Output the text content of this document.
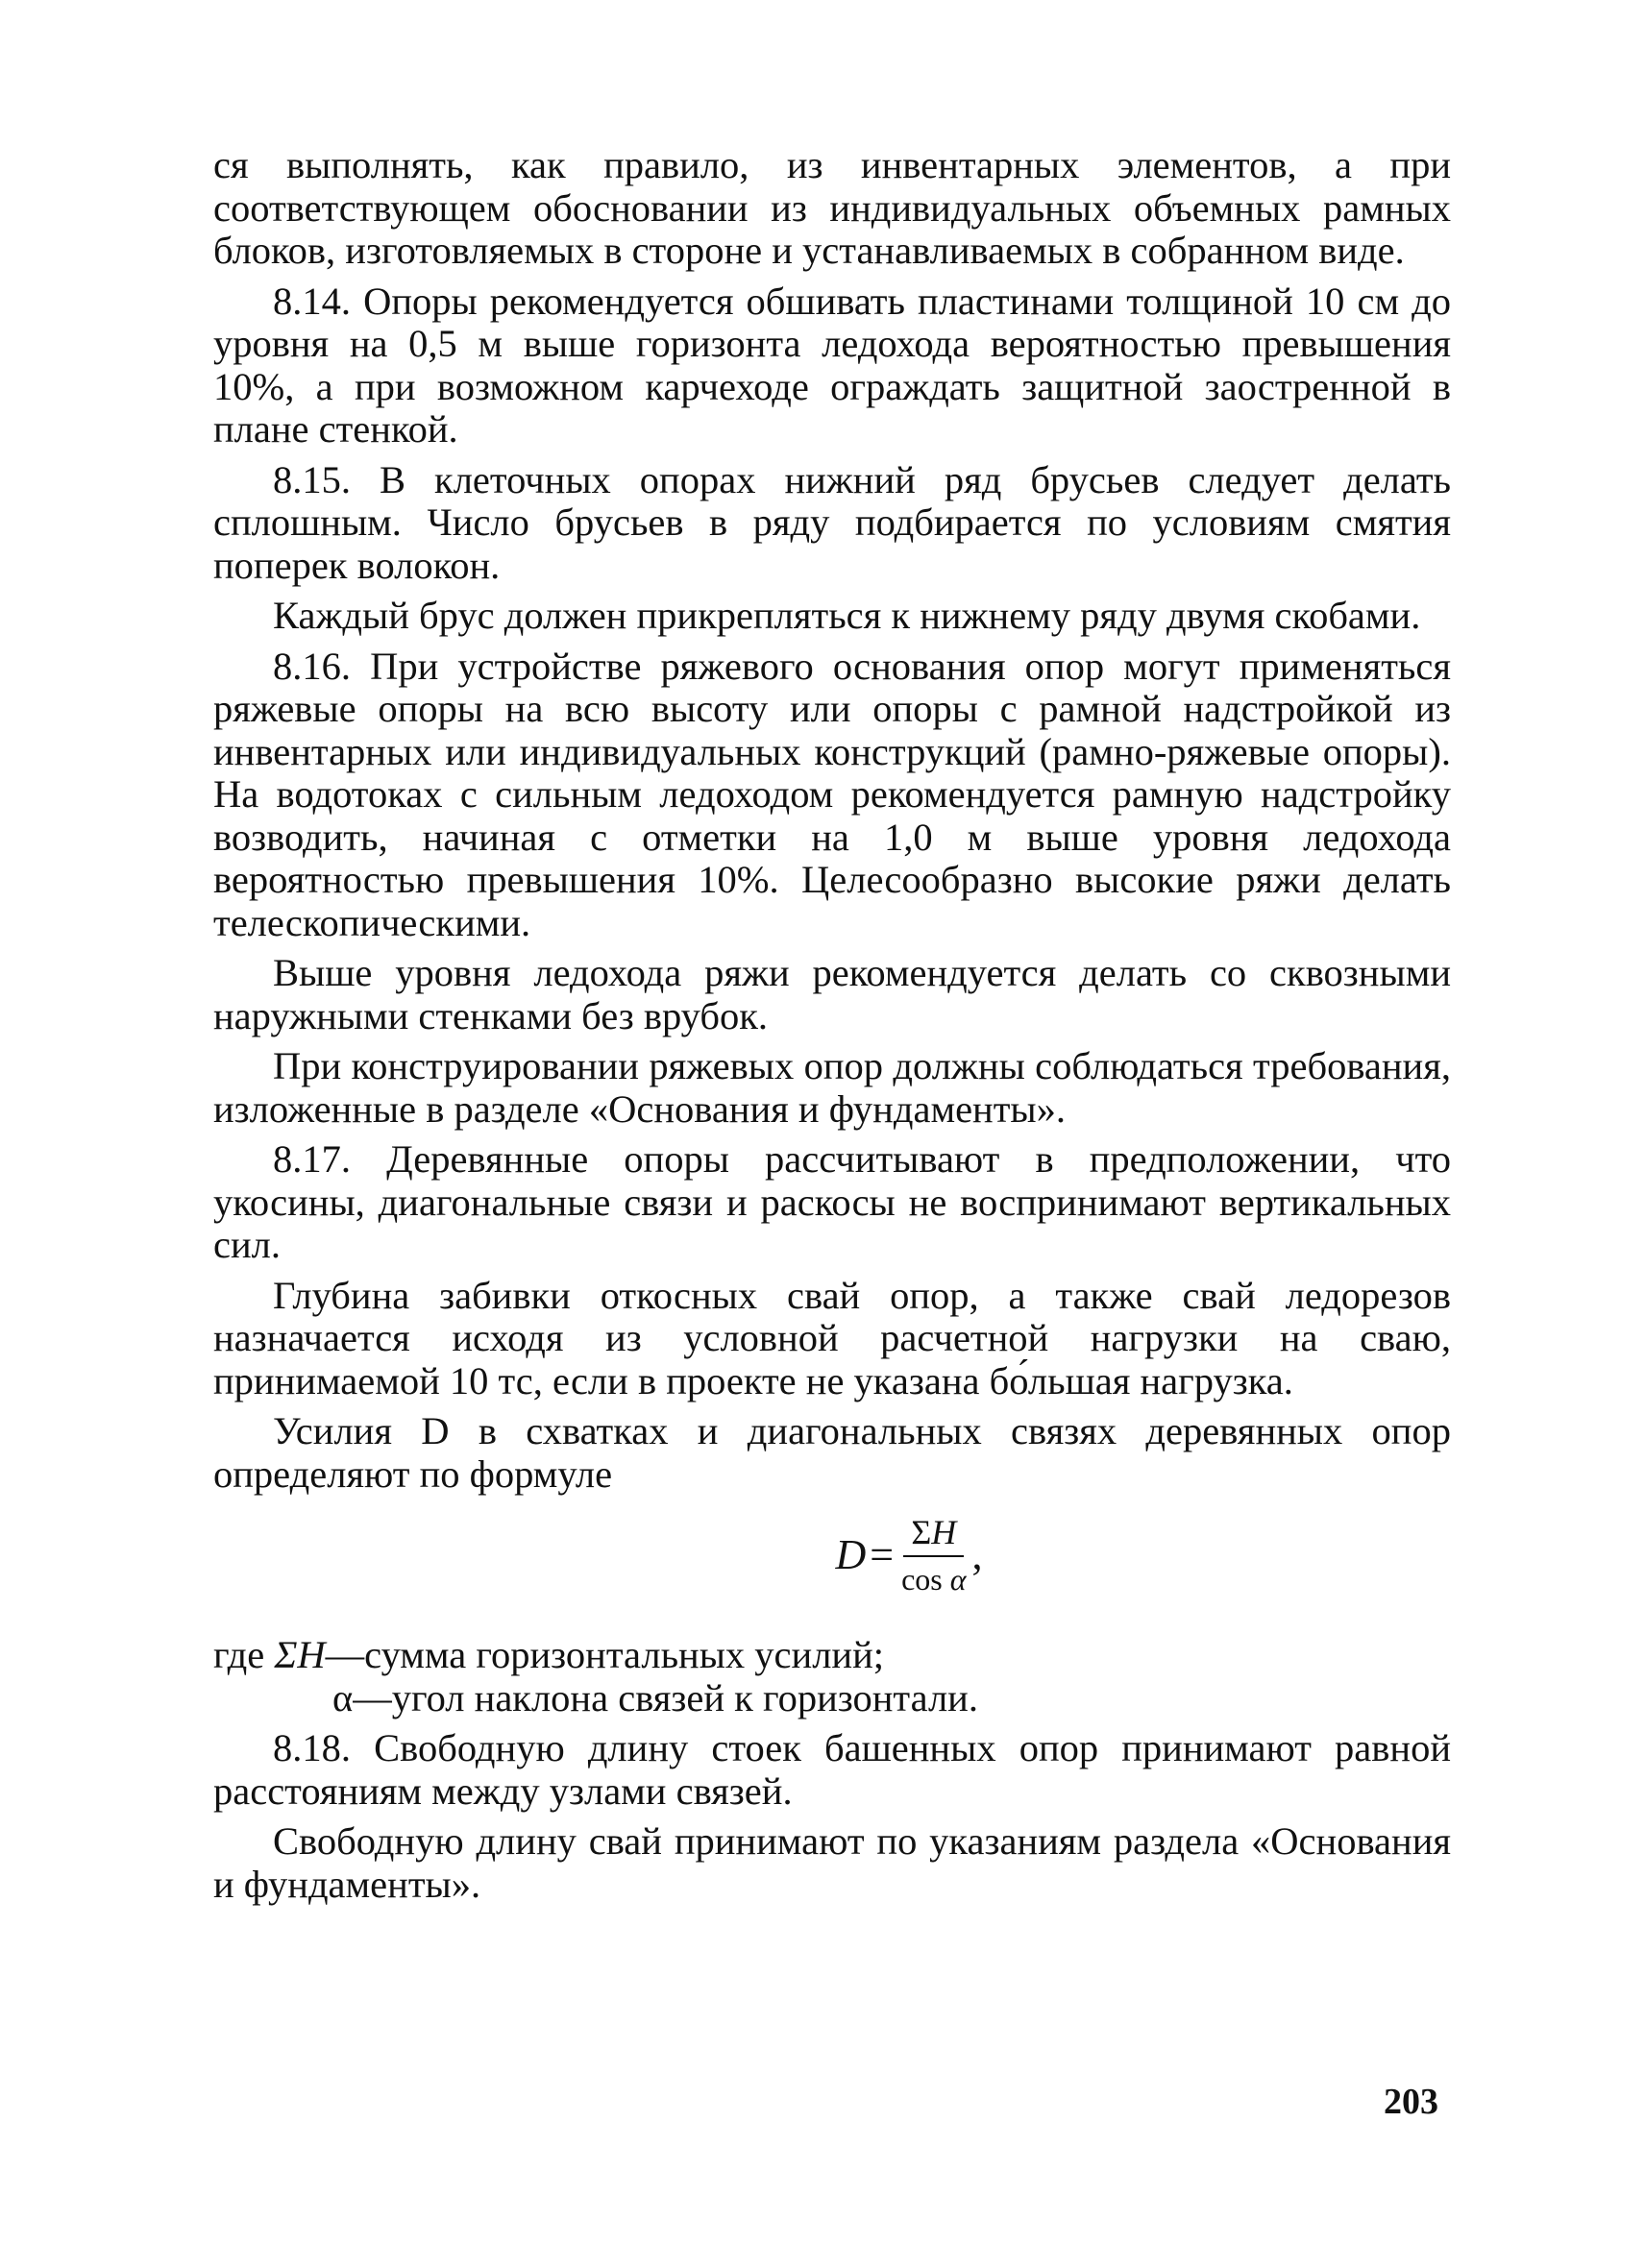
ся выполнять, как правило, из инвентарных элементов, а при соответствующем обосновании из индивидуальных объемных рамных блоков, изготовляемых в стороне и устанавливаемых в собранном виде.

8.14. Опоры рекомендуется обшивать пластинами толщиной 10 см до уровня на 0,5 м выше горизонта ледохода вероятностью превышения 10%, а при возможном карчеходе ограждать защитной заостренной в плане стенкой.

8.15. В клеточных опорах нижний ряд брусьев следует делать сплошным. Число брусьев в ряду подбирается по условиям смятия поперек волокон.

Каждый брус должен прикрепляться к нижнему ряду двумя скобами.

8.16. При устройстве ряжевого основания опор могут применяться ряжевые опоры на всю высоту или опоры с рамной надстройкой из инвентарных или индивидуальных конструкций (рамно-ряжевые опоры). На водотоках с сильным ледоходом рекомендуется рамную надстройку возводить, начиная с отметки на 1,0 м выше уровня ледохода вероятностью превышения 10%. Целесообразно высокие ряжи делать телескопическими.

Выше уровня ледохода ряжи рекомендуется делать со сквозными наружными стенками без врубок.

При конструировании ряжевых опор должны соблюдаться требования, изложенные в разделе «Основания и фундаменты».

8.17. Деревянные опоры рассчитывают в предположении, что укосины, диагональные связи и раскосы не воспринимают вертикальных сил.

Глубина забивки откосных свай опор, а также свай ледорезов назначается исходя из условной расчетной нагрузки на сваю, принимаемой 10 тс, если в проекте не указана бо́льшая нагрузка.

Усилия D в схватках и диагональных связях деревянных опор определяют по формуле

$D = \frac{\Sigma H}{\text{cos α}}$ ,

где ΣH—сумма горизонтальных усилий;

α—угол наклона связей к горизонтали.

8.18. Свободную длину стоек башенных опор принимают равной расстояниям между узлами связей.

Свободную длину свай принимают по указаниям раздела «Основания и фундаменты».

203
